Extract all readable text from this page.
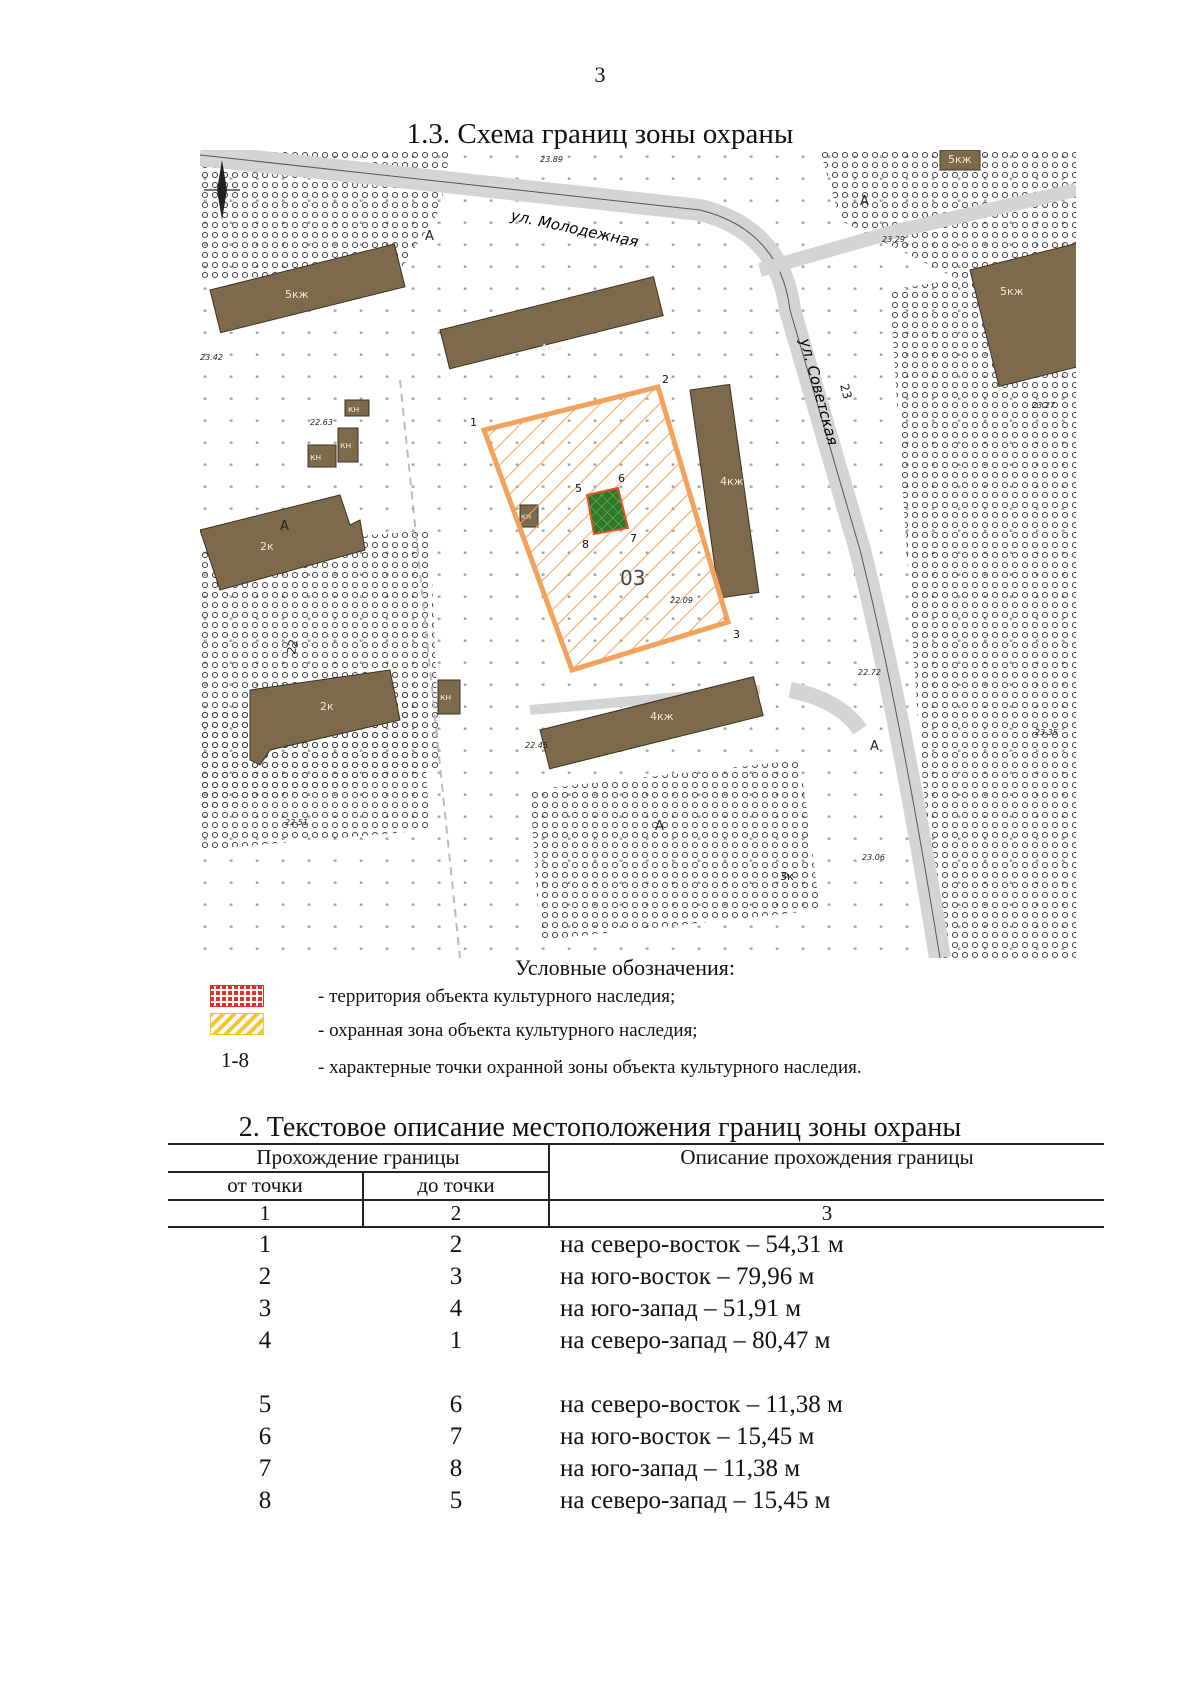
3
1.3. Схема границ зоны охраны
ул. Молодежная
ул. Советская
5кж
4кж
4кж
4кж
2к
2к
5кж
5кж
3к
кн
кн
кн
кн
03
1
2
3
5
6
7
8
23.89
23.29
23.27
23.42
22.63
22.09
22.72
23.35
22.45
22.51
23.06
А
А
А
А
А
22
23
Условные обозначения:
- территория объекта культурного наследия;
- охранная зона объекта культурного наследия;
1-8	- характерные точки охранной зоны объекта культурного наследия.
2. Текстовое описание местоположения границ зоны охраны
Прохождение границы	Описание прохождения границы
от точки	до точки
1	2	3
1	2	на северо-восток – 54,31 м
2	3	на юго-восток – 79,96 м
3	4	на юго-запад – 51,91 м
4	1	на северо-запад – 80,47 м
5	6	на северо-восток – 11,38 м
6	7	на юго-восток – 15,45 м
7	8	на юго-запад – 11,38 м
8	5	на северо-запад – 15,45 м
